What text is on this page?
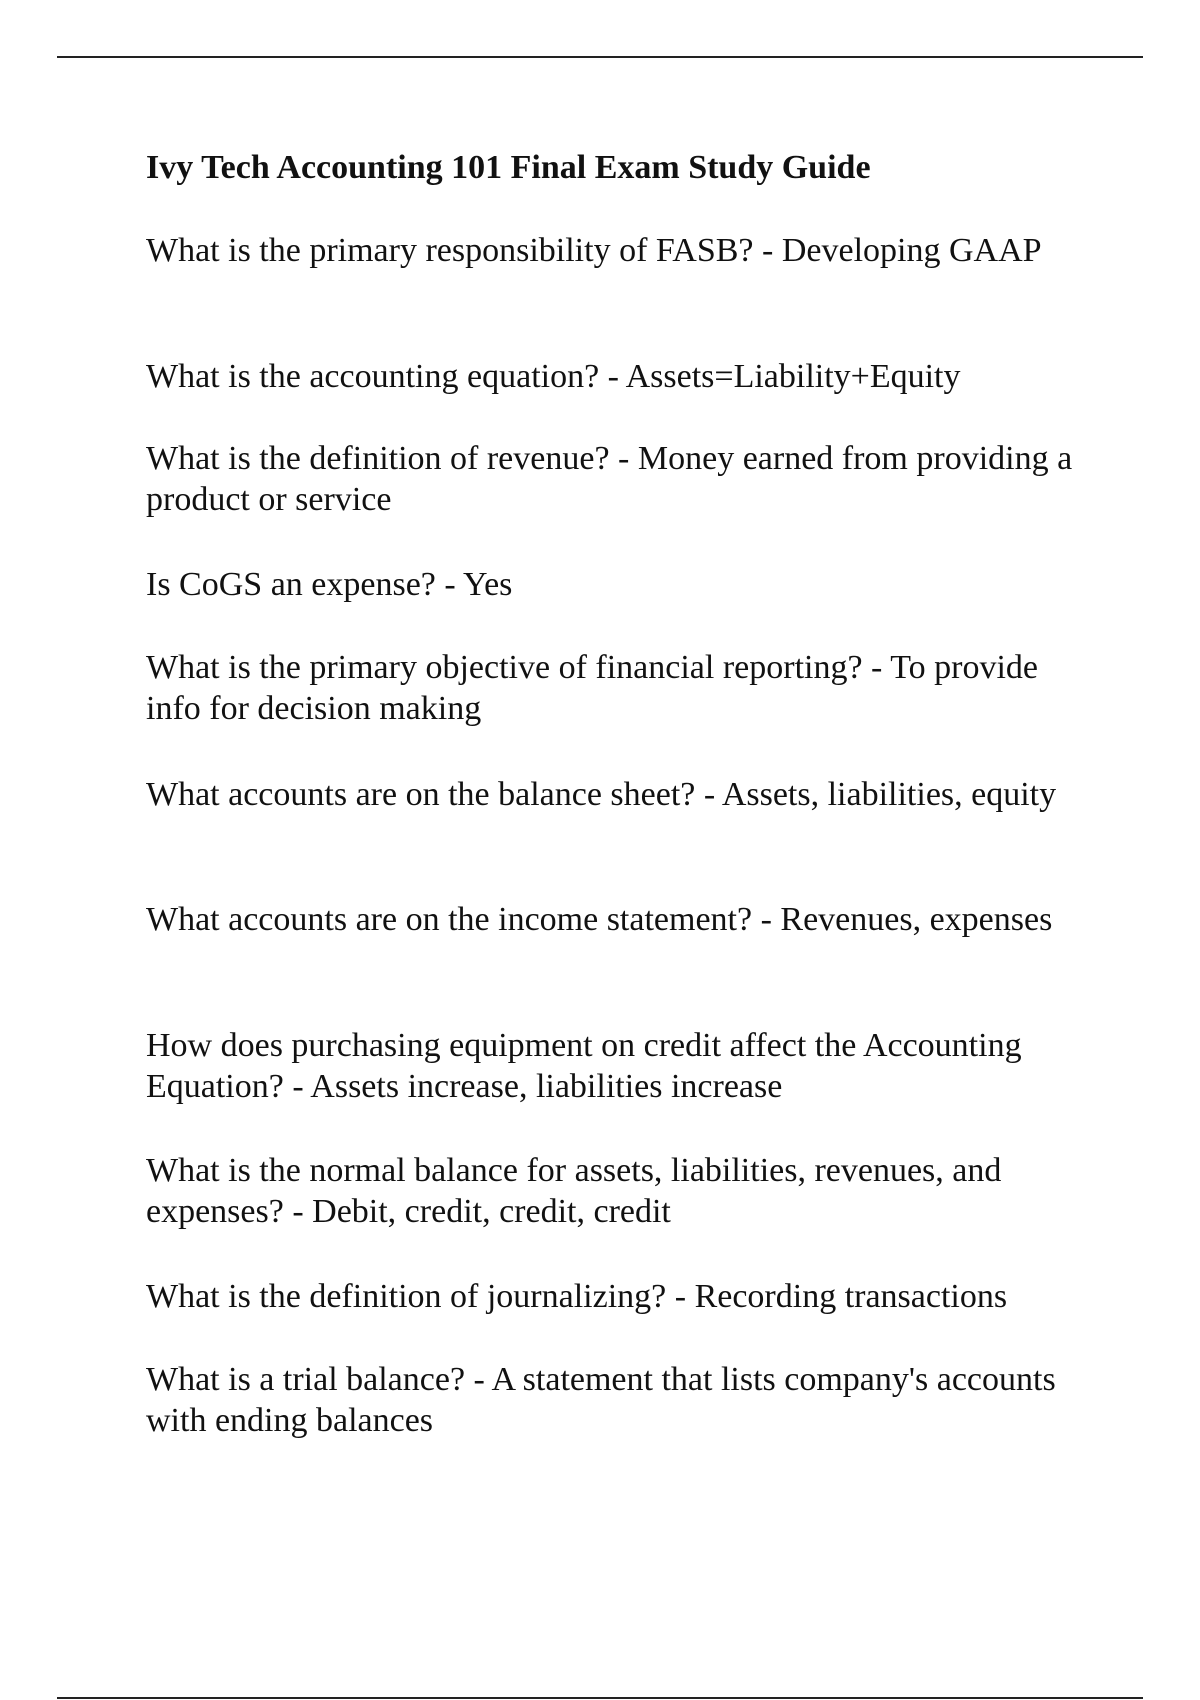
Ivy Tech Accounting 101 Final Exam Study Guide

What is the primary responsibility of FASB? - Developing GAAP

What is the accounting equation? - Assets=Liability+Equity

What is the definition of revenue? - Money earned from providing a product or service

Is CoGS an expense? - Yes

What is the primary objective of financial reporting? - To provide info for decision making

What accounts are on the balance sheet? - Assets, liabilities, equity

What accounts are on the income statement? - Revenues, expenses

How does purchasing equipment on credit affect the Accounting Equation? - Assets increase, liabilities increase

What is the normal balance for assets, liabilities, revenues, and expenses? - Debit, credit, credit, credit

What is the definition of journalizing? - Recording transactions

What is a trial balance? - A statement that lists company's accounts with ending balances
